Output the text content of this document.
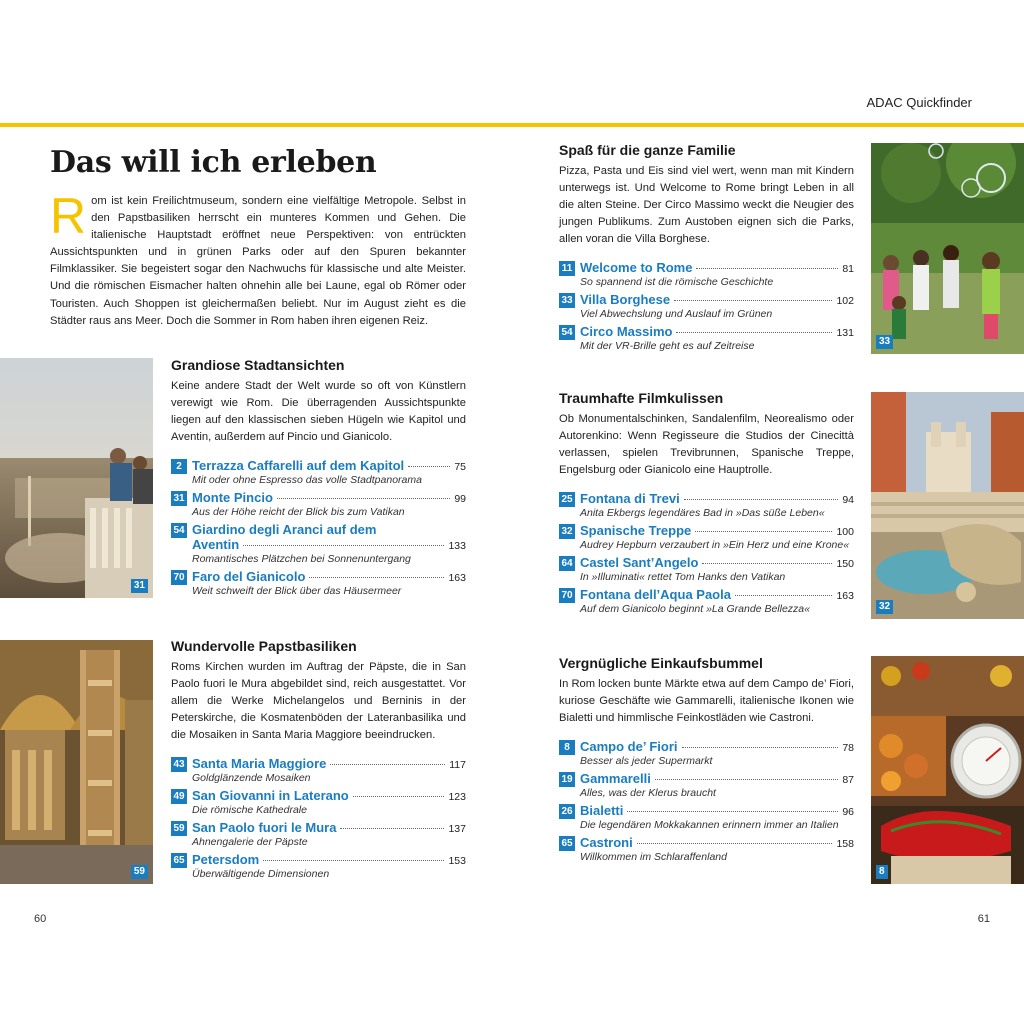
ADAC Quickfinder
Das will ich erleben
R om ist kein Freilichtmuseum, sondern eine vielfältige Metropole. Selbst in den Papstbasiliken herrscht ein munteres Kommen und Gehen. Die italienische Hauptstadt eröffnet neue Perspektiven: von entrückten Aussichtspunkten und in grünen Parks oder auf den Spuren bekannter Filmklassiker. Sie begeistert sogar den Nachwuchs für klassische und alte Meister. Und die römischen Eismacher halten ohnehin alle bei Laune, egal ob Römer oder Touristen. Auch Shoppen ist gleichermaßen beliebt. Nur im August zieht es die Städter raus ans Meer. Doch die Sommer in Rom haben ihren eigenen Reiz.
31
Grandiose Stadtansichten
Keine andere Stadt der Welt wurde so oft von Künstlern verewigt wie Rom. Die überragenden Aussichtspunkte liegen auf den klassischen sieben Hügeln wie Kapitol und Aventin, außerdem auf Pincio und Gianicolo.
2 Terrazza Caffarelli auf dem Kapitol	75
Mit oder ohne Espresso das volle Stadtpanorama
31 Monte Pincio	99
Aus der Höhe reicht der Blick bis zum Vatikan
54 Giardino degli Aranci auf dem
Aventin	133
Romantisches Plätzchen bei Sonnenuntergang
70 Faro del Gianicolo	163
Weit schweift der Blick über das Häusermeer
59
Wundervolle Papstbasiliken
Roms Kirchen wurden im Auftrag der Päpste, die in San Paolo fuori le Mura abgebildet sind, reich ausgestattet. Vor allem die Werke Michelangelos und Berninis in der Peterskirche, die Kosmatenböden der Lateranbasilika und die Mosaiken in Santa Maria Maggiore beeindrucken.
43 Santa Maria Maggiore	117
Goldglänzende Mosaiken
49 San Giovanni in Laterano	123
Die römische Kathedrale
59 San Paolo fuori le Mura	137
Ahnengalerie der Päpste
65 Petersdom	153
Überwältigende Dimensionen
60
Spaß für die ganze Familie
Pizza, Pasta und Eis sind viel wert, wenn man mit Kindern unterwegs ist. Und Welcome to Rome bringt Leben in all die alten Steine. Der Circo Massimo weckt die Neugier des jungen Publikums. Zum Austoben eignen sich die Parks, allen voran die Villa Borghese.
11 Welcome to Rome	81
So spannend ist die römische Geschichte
33 Villa Borghese	102
Viel Abwechslung und Auslauf im Grünen
54 Circo Massimo	131
Mit der VR-Brille geht es auf Zeitreise	33
Traumhafte Filmkulissen
Ob Monumentalschinken, Sandalenfilm, Neorealismo oder Autorenkino: Wenn Regisseure die Studios der Cinecittà verlassen, spielen Trevibrunnen, Spanische Treppe, Engelsburg oder Gianicolo eine Hauptrolle.
25 Fontana di Trevi	94
Anita Ekbergs legendäres Bad in »Das süße Leben«
32 Spanische Treppe	100
Audrey Hepburn verzaubert in »Ein Herz und eine Krone«
64 Castel Sant’Angelo	150
In »Illuminati« rettet Tom Hanks den Vatikan
70 Fontana dell’Aqua Paola	163
Auf dem Gianicolo beginnt »La Grande Bellezza«	32
Vergnügliche Einkaufsbummel
In Rom locken bunte Märkte etwa auf dem Campo de’ Fiori, kuriose Geschäfte wie Gammarelli, italienische Ikonen wie Bialetti und himmlische Feinkostläden wie Castroni.
8 Campo de’ Fiori	78
Besser als jeder Supermarkt
19 Gammarelli	87
Alles, was der Klerus braucht
26 Bialetti	96
Die legendären Mokkakannen erinnern immer an Italien
65 Castroni	158
Willkommen im Schlaraffenland
8
61
